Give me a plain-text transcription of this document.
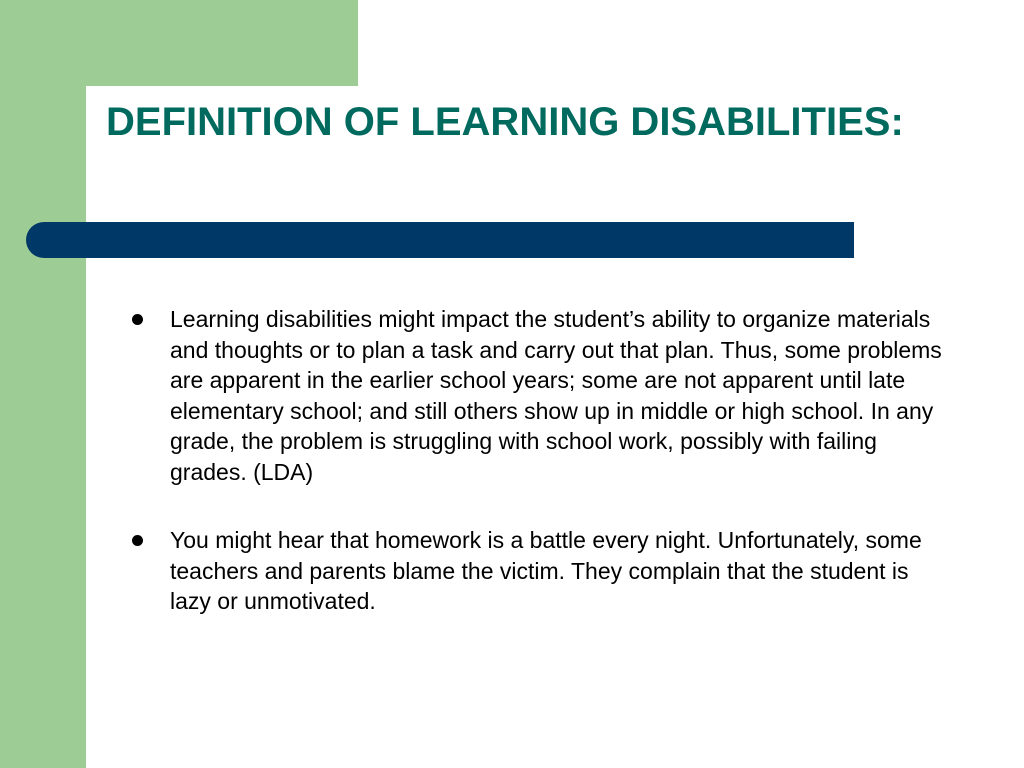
DEFINITION OF LEARNING DISABILITIES:
Learning disabilities might impact the student’s ability to organize materials and thoughts or to plan a task and carry out that plan. Thus, some problems are apparent in the earlier school years; some are not apparent until late elementary school; and still others show up in middle or high school. In any grade, the problem is struggling with school work, possibly with failing grades. (LDA)
You might hear that homework is a battle every night. Unfortunately, some teachers and parents blame the victim. They complain that the student is lazy or unmotivated.
